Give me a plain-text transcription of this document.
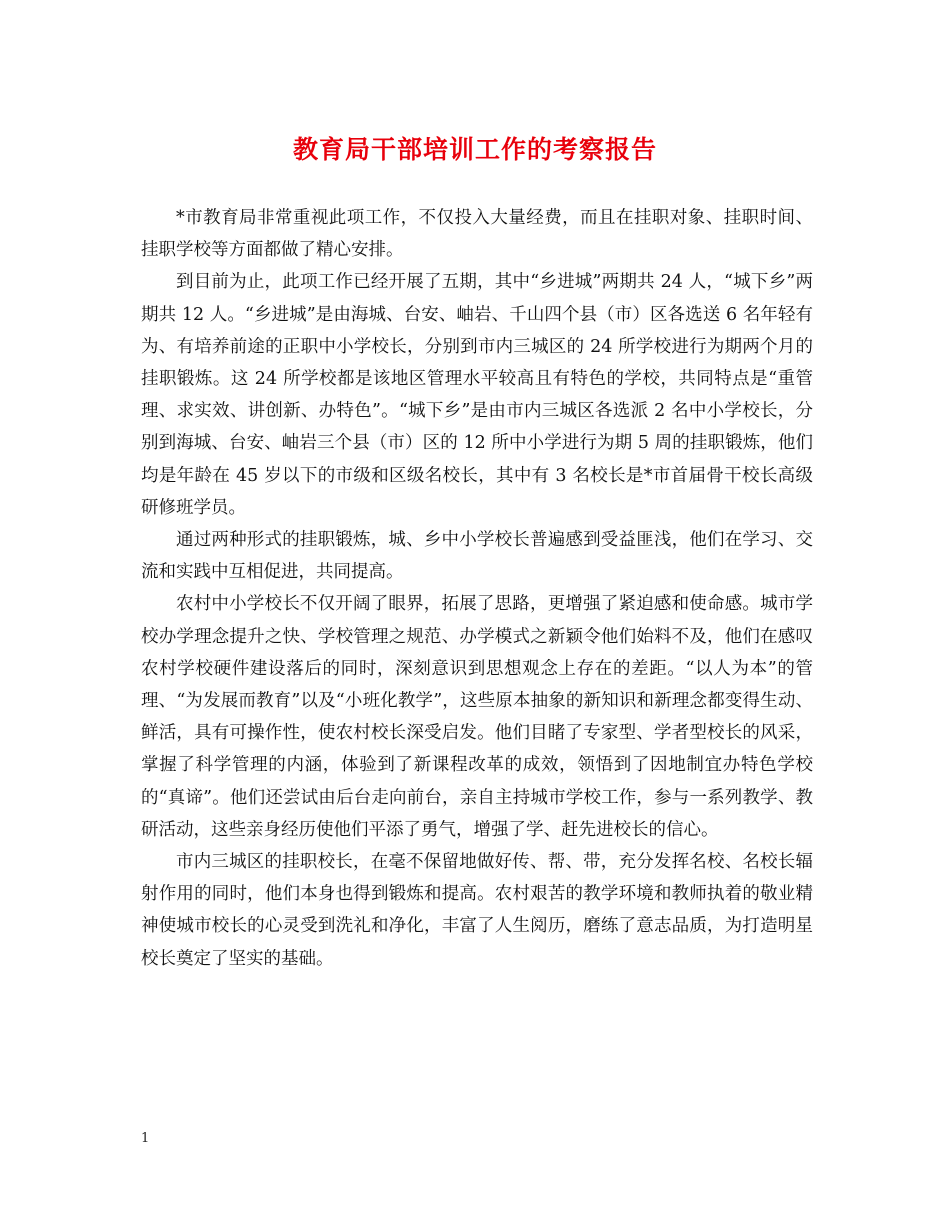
教育局干部培训工作的考察报告

*市教育局非常重视此项工作，不仅投入大量经费，而且在挂职对象、挂职时间、挂职学校等方面都做了精心安排。

到目前为止，此项工作已经开展了五期，其中“乡进城”两期共 24 人，“城下乡”两期共 12 人。“乡进城”是由海城、台安、岫岩、千山四个县（市）区各选送 6 名年轻有为、有培养前途的正职中小学校长，分别到市内三城区的 24 所学校进行为期两个月的挂职锻炼。这 24 所学校都是该地区管理水平较高且有特色的学校，共同特点是“重管理、求实效、讲创新、办特色”。“城下乡”是由市内三城区各选派 2 名中小学校长，分别到海城、台安、岫岩三个县（市）区的 12 所中小学进行为期 5 周的挂职锻炼，他们均是年龄在 45 岁以下的市级和区级名校长，其中有 3 名校长是*市首届骨干校长高级研修班学员。

通过两种形式的挂职锻炼，城、乡中小学校长普遍感到受益匪浅，他们在学习、交流和实践中互相促进，共同提高。

农村中小学校长不仅开阔了眼界，拓展了思路，更增强了紧迫感和使命感。城市学校办学理念提升之快、学校管理之规范、办学模式之新颖令他们始料不及，他们在感叹农村学校硬件建设落后的同时，深刻意识到思想观念上存在的差距。“以人为本”的管理、“为发展而教育”以及“小班化教学”，这些原本抽象的新知识和新理念都变得生动、鲜活，具有可操作性，使农村校长深受启发。他们目睹了专家型、学者型校长的风采，掌握了科学管理的内涵，体验到了新课程改革的成效，领悟到了因地制宜办特色学校的“真谛”。他们还尝试由后台走向前台，亲自主持城市学校工作，参与一系列教学、教研活动，这些亲身经历使他们平添了勇气，增强了学、赶先进校长的信心。

市内三城区的挂职校长，在毫不保留地做好传、帮、带，充分发挥名校、名校长辐射作用的同时，他们本身也得到锻炼和提高。农村艰苦的教学环境和教师执着的敬业精神使城市校长的心灵受到洗礼和净化，丰富了人生阅历，磨练了意志品质，为打造明星校长奠定了坚实的基础。

1
